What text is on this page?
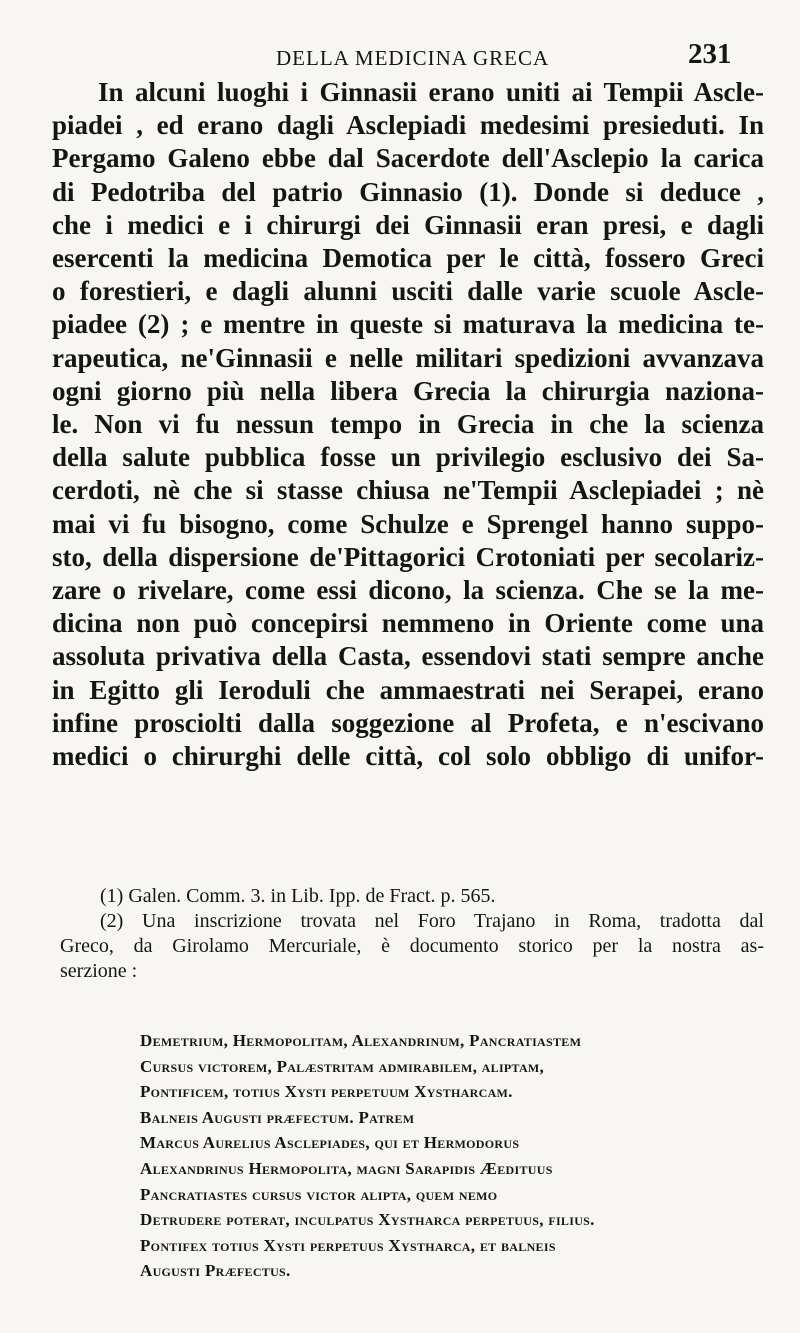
DELLA MEDICINA GRECA	231
In alcuni luoghi i Ginnasii erano uniti ai Tempii Ascle-
piadei , ed erano dagli Asclepiadi medesimi presieduti. In
Pergamo Galeno ebbe dal Sacerdote dell'Asclepio la carica
di Pedotriba del patrio Ginnasio (1). Donde si deduce ,
che i medici e i chirurgi dei Ginnasii eran presi, e dagli
esercenti la medicina Demotica per le città, fossero Greci
o forestieri, e dagli alunni usciti dalle varie scuole Ascle-
piadee (2) ; e mentre in queste si maturava la medicina te-
rapeutica, ne'Ginnasii e nelle militari spedizioni avvanzava
ogni giorno più nella libera Grecia la chirurgia naziona-
le. Non vi fu nessun tempo in Grecia in che la scienza
della salute pubblica fosse un privilegio esclusivo dei Sa-
cerdoti, nè che si stasse chiusa ne'Tempii Asclepiadei ; nè
mai vi fu bisogno, come Schulze e Sprengel hanno suppo-
sto, della dispersione de'Pittagorici Crotoniati per secolariz-
zare o rivelare, come essi dicono, la scienza. Che se la me-
dicina non può concepirsi nemmeno in Oriente come una
assoluta privativa della Casta, essendovi stati sempre anche
in Egitto gli Ieroduli che ammaestrati nei Serapei, erano
infine prosciolti dalla soggezione al Profeta, e n'escivano
medici o chirurghi delle città, col solo obbligo di unifor-
(1) Galen. Comm. 3. in Lib. Ipp. de Fract. p. 565.
(2) Una inscrizione trovata nel Foro Trajano in Roma, tradotta dal
Greco, da Girolamo Mercuriale, è documento storico per la nostra as-
serzione :
Demetrium, Hermopolitam, Alexandrinum, Pancratiastem
Cursus victorem, Palæstritam admirabilem, aliptam,
Pontificem, totius Xysti perpetuum Xystharcam.
Balneis Augusti præfectum. Patrem
Marcus Aurelius Asclepiades, qui et Hermodorus
Alexandrinus Hermopolita, magni Sarapidis Æedituus
Pancratiastes cursus victor alipta, quem nemo
Detrudere poterat, inculpatus Xystharca perpetuus, filius.
Pontifex totius Xysti perpetuus Xystharca, et balneis
Augusti Præfectus.
